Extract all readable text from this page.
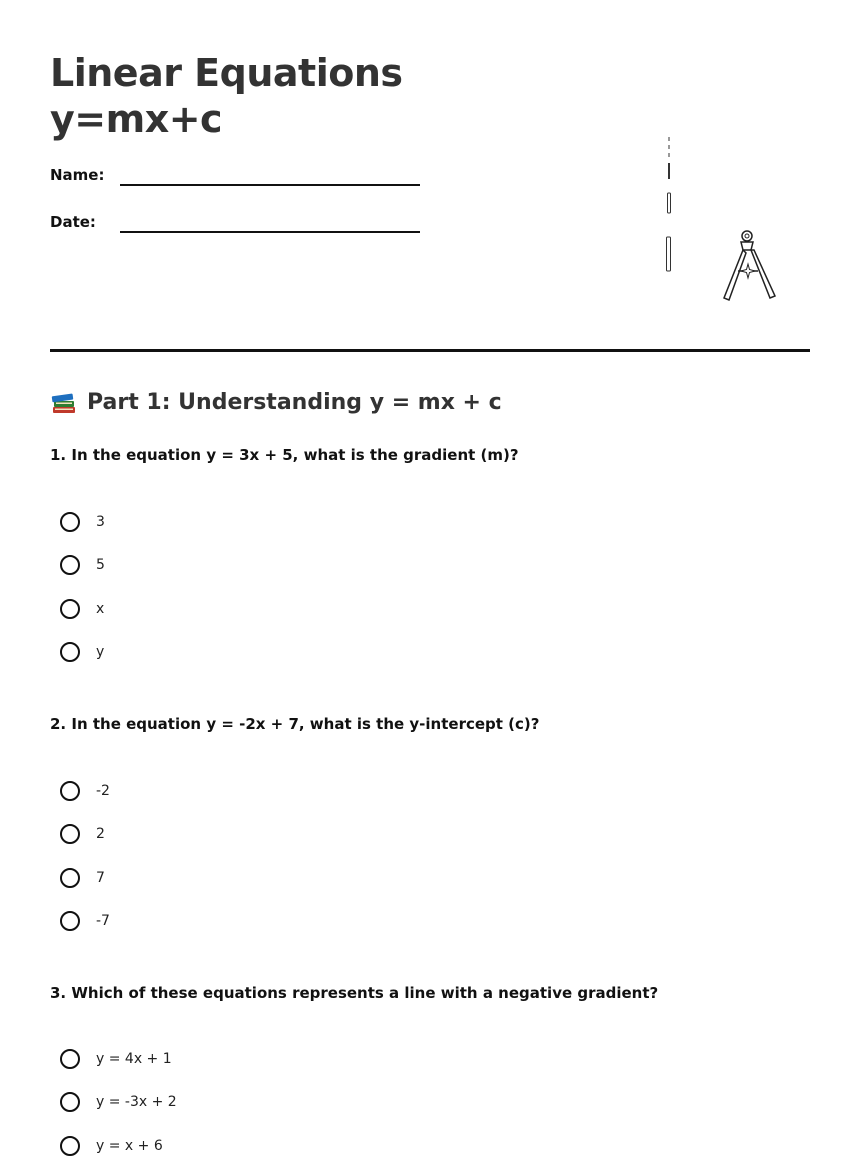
Linear Equations
y=mx+c
Name:
Date:
Part 1: Understanding y = mx + c

1. In the equation y = 3x + 5, what is the gradient (m)?

3
5
x
y

2. In the equation y = -2x + 7, what is the y-intercept (c)?

-2
2
7
-7

3. Which of these equations represents a line with a negative gradient?

y = 4x + 1
y = -3x + 2
y = x + 6
